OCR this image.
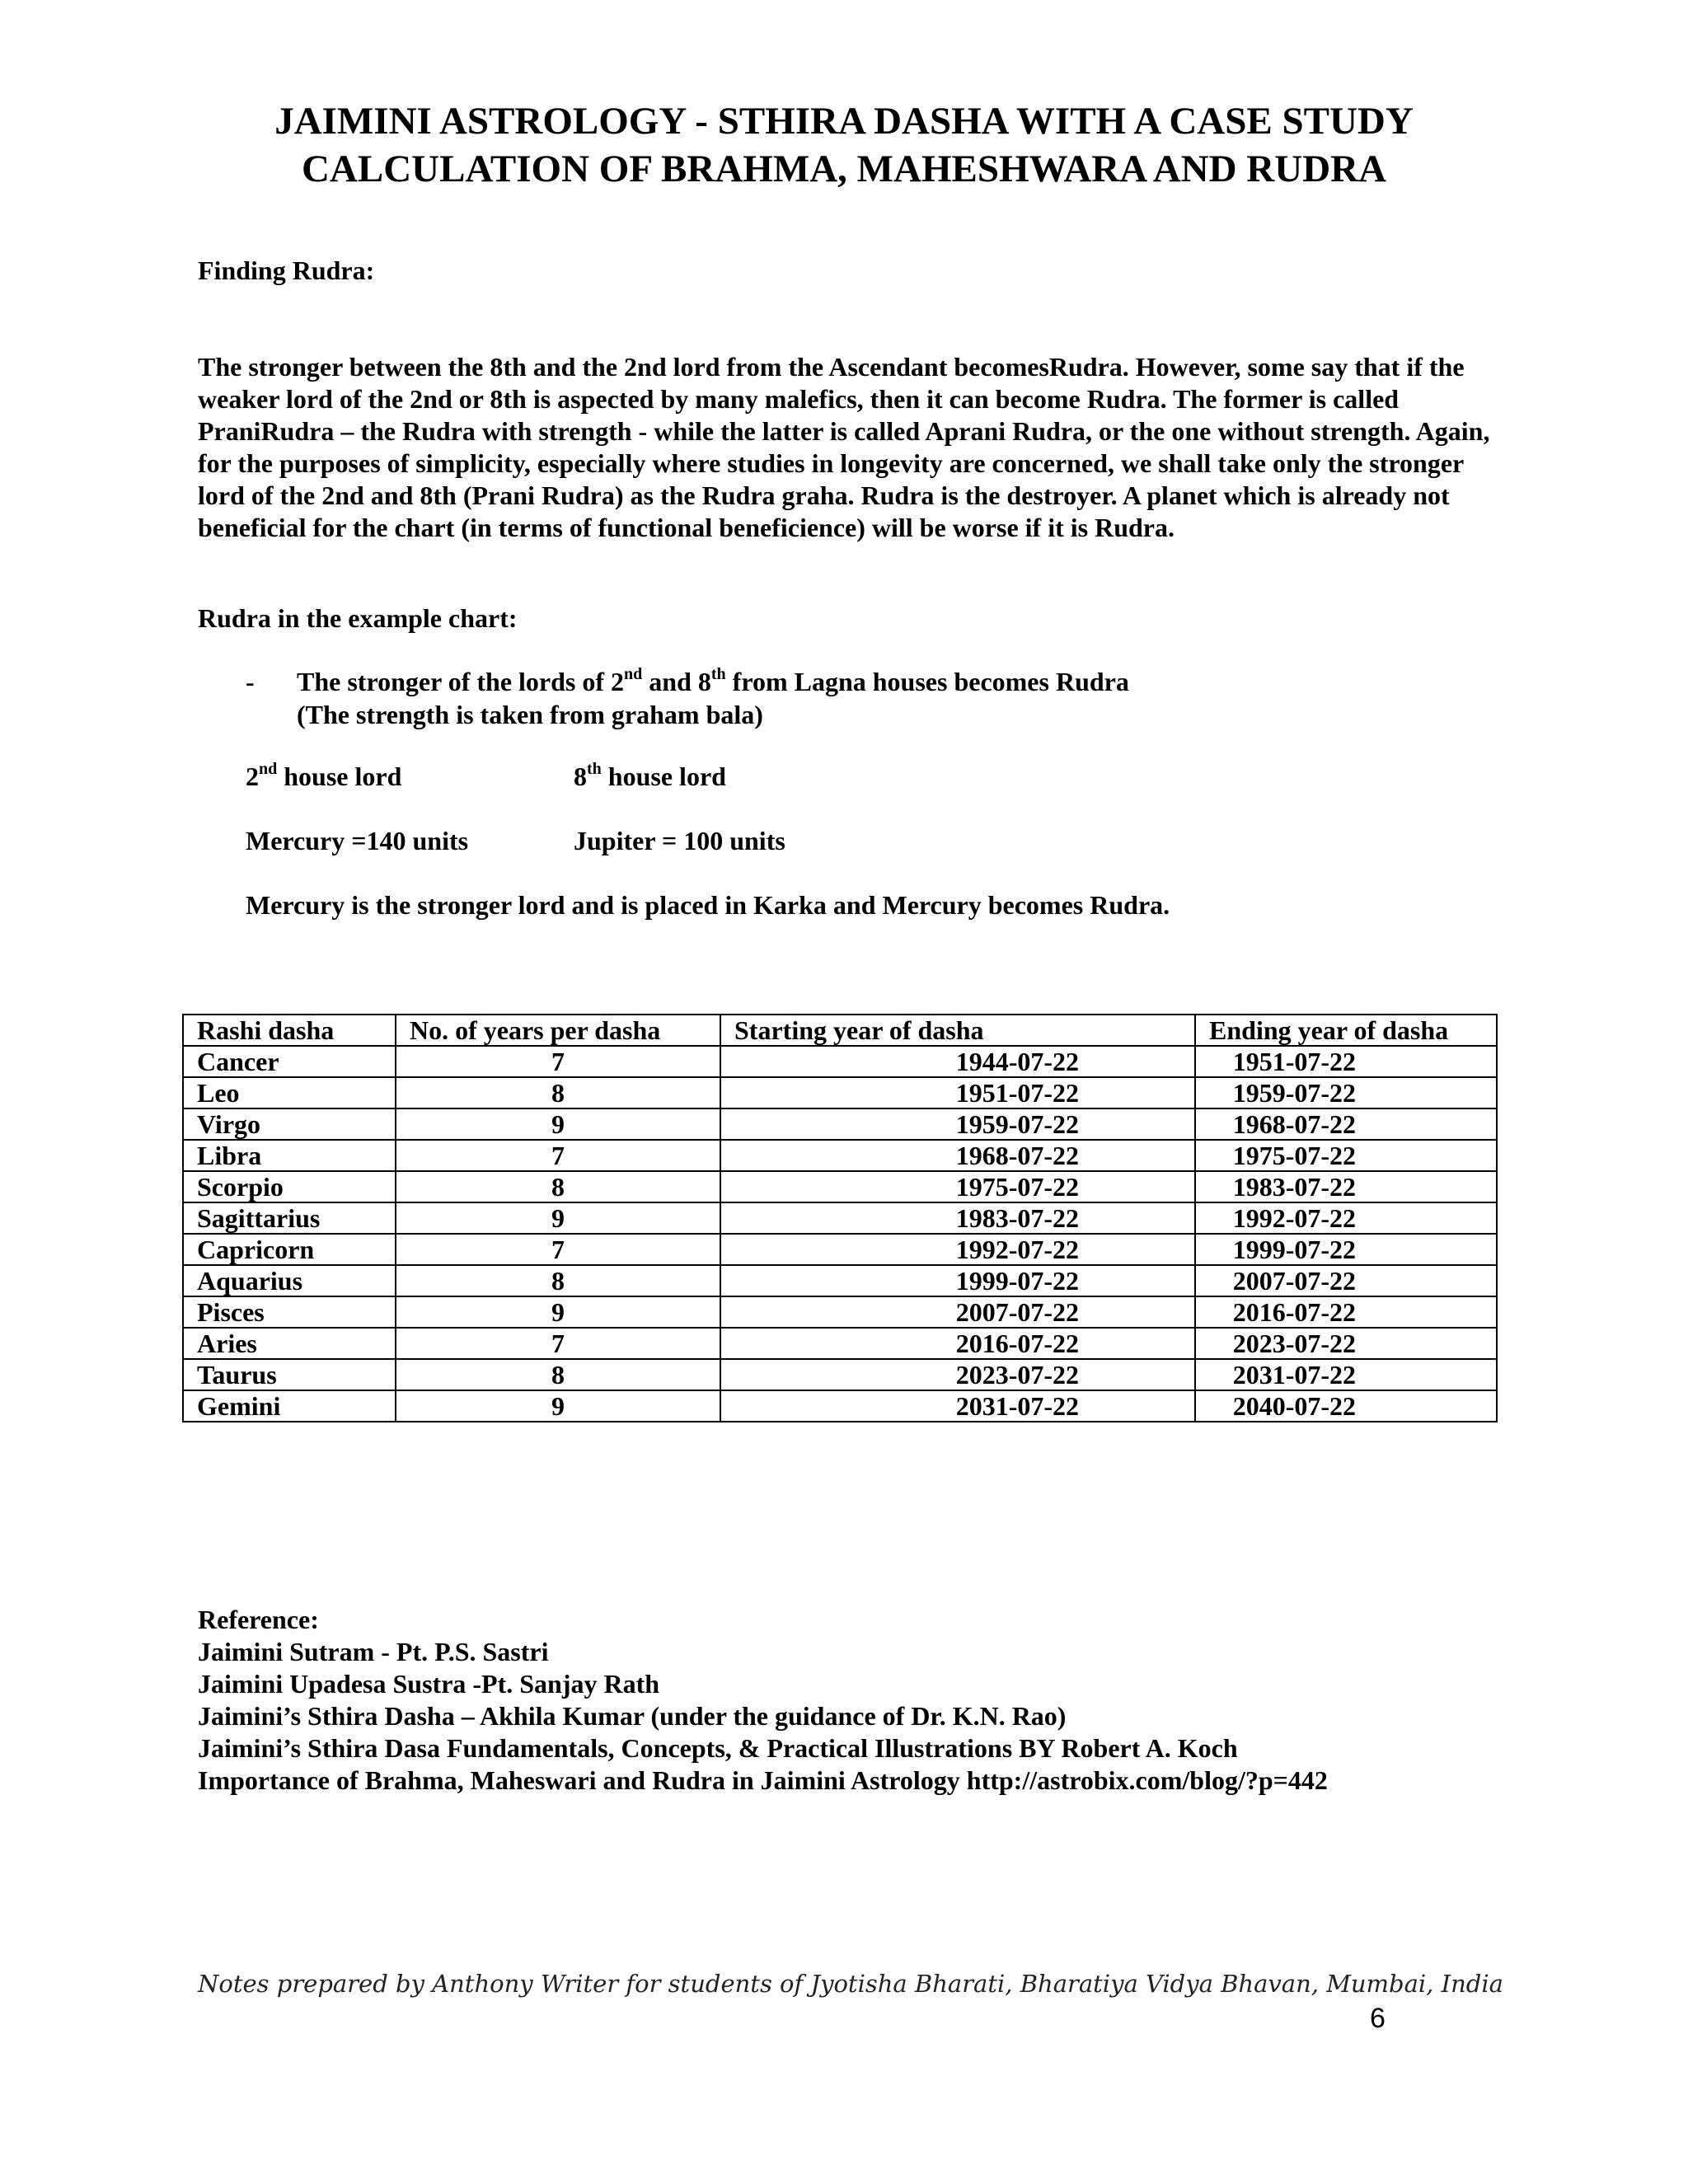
JAIMINI ASTROLOGY - STHIRA DASHA WITH A CASE STUDY
CALCULATION OF BRAHMA, MAHESHWARA AND RUDRA
Finding Rudra:
The stronger between the 8th and the 2nd lord from the Ascendant becomesRudra. However, some say that if the weaker lord of the 2nd or 8th is aspected by many malefics, then it can become Rudra. The former is called PraniRudra – the Rudra with strength - while the latter is called Aprani Rudra, or the one without strength. Again, for the purposes of simplicity, especially where studies in longevity are concerned, we shall take only the stronger lord of the 2nd and 8th (Prani Rudra) as the Rudra graha. Rudra is the destroyer. A planet which is already not beneficial for the chart (in terms of functional beneficience) will be worse if it is Rudra.
Rudra in the example chart:
- The stronger of the lords of 2nd and 8th from Lagna houses becomes Rudra
(The strength is taken from graham bala)
2nd house lord	8th house lord
Mercury =140 units	Jupiter = 100 units
Mercury is the stronger lord and is placed in Karka and Mercury becomes Rudra.
Rashi dasha	No. of years per dasha	Starting year of dasha	Ending year of dasha
Cancer	7	1944-07-22	1951-07-22
Leo	8	1951-07-22	1959-07-22
Virgo	9	1959-07-22	1968-07-22
Libra	7	1968-07-22	1975-07-22
Scorpio	8	1975-07-22	1983-07-22
Sagittarius	9	1983-07-22	1992-07-22
Capricorn	7	1992-07-22	1999-07-22
Aquarius	8	1999-07-22	2007-07-22
Pisces	9	2007-07-22	2016-07-22
Aries	7	2016-07-22	2023-07-22
Taurus	8	2023-07-22	2031-07-22
Gemini	9	2031-07-22	2040-07-22
Reference:
Jaimini Sutram - Pt. P.S. Sastri
Jaimini Upadesa Sustra -Pt. Sanjay Rath
Jaimini’s Sthira Dasha – Akhila Kumar (under the guidance of Dr. K.N. Rao)
Jaimini’s Sthira Dasa Fundamentals, Concepts, & Practical Illustrations BY Robert A. Koch
Importance of Brahma, Maheswari and Rudra in Jaimini Astrology http://astrobix.com/blog/?p=442
Notes prepared by Anthony Writer for students of Jyotisha Bharati, Bharatiya Vidya Bhavan, Mumbai, India
6
